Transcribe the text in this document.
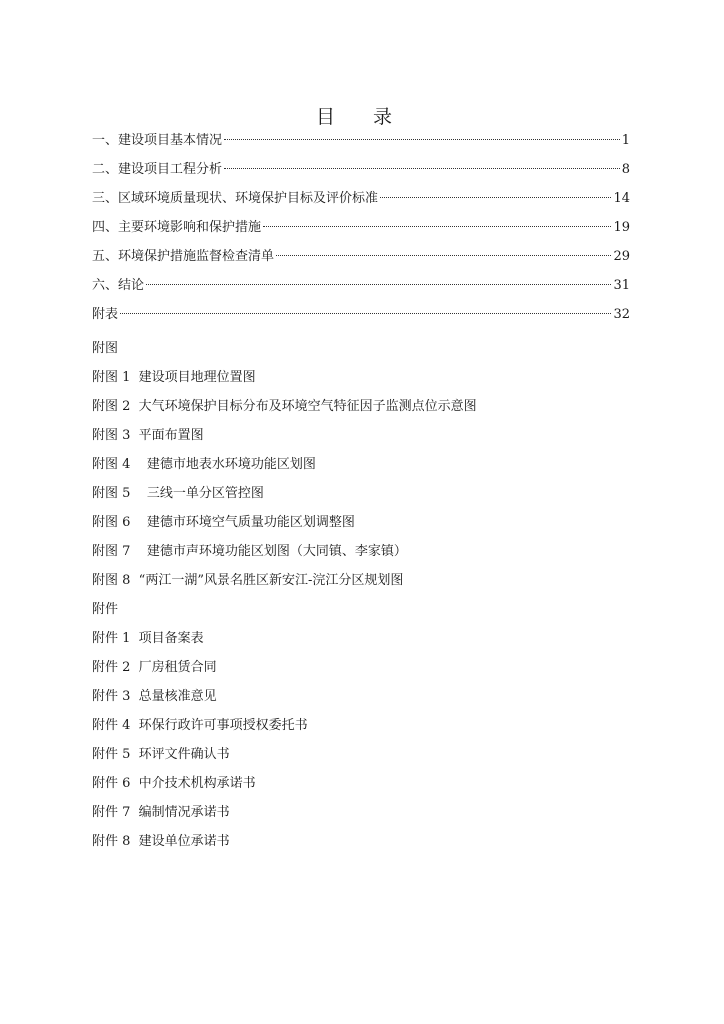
目 录
一、建设项目基本情况	1
二、建设项目工程分析	8
三、区域环境质量现状、环境保护目标及评价标准	14
四、主要环境影响和保护措施	19
五、环境保护措施监督检查清单	29
六、结论	31
附表	32
附图
附图 1  建设项目地理位置图
附图 2  大气环境保护目标分布及环境空气特征因子监测点位示意图
附图 3  平面布置图
附图 4    建德市地表水环境功能区划图
附图 5    三线一单分区管控图
附图 6    建德市环境空气质量功能区划调整图
附图 7    建德市声环境功能区划图（大同镇、李家镇）
附图 8  “两江一湖”风景名胜区新安江-浣江分区规划图
附件
附件 1  项目备案表
附件 2  厂房租赁合同
附件 3  总量核准意见
附件 4  环保行政许可事项授权委托书
附件 5  环评文件确认书
附件 6  中介技术机构承诺书
附件 7  编制情况承诺书
附件 8  建设单位承诺书
